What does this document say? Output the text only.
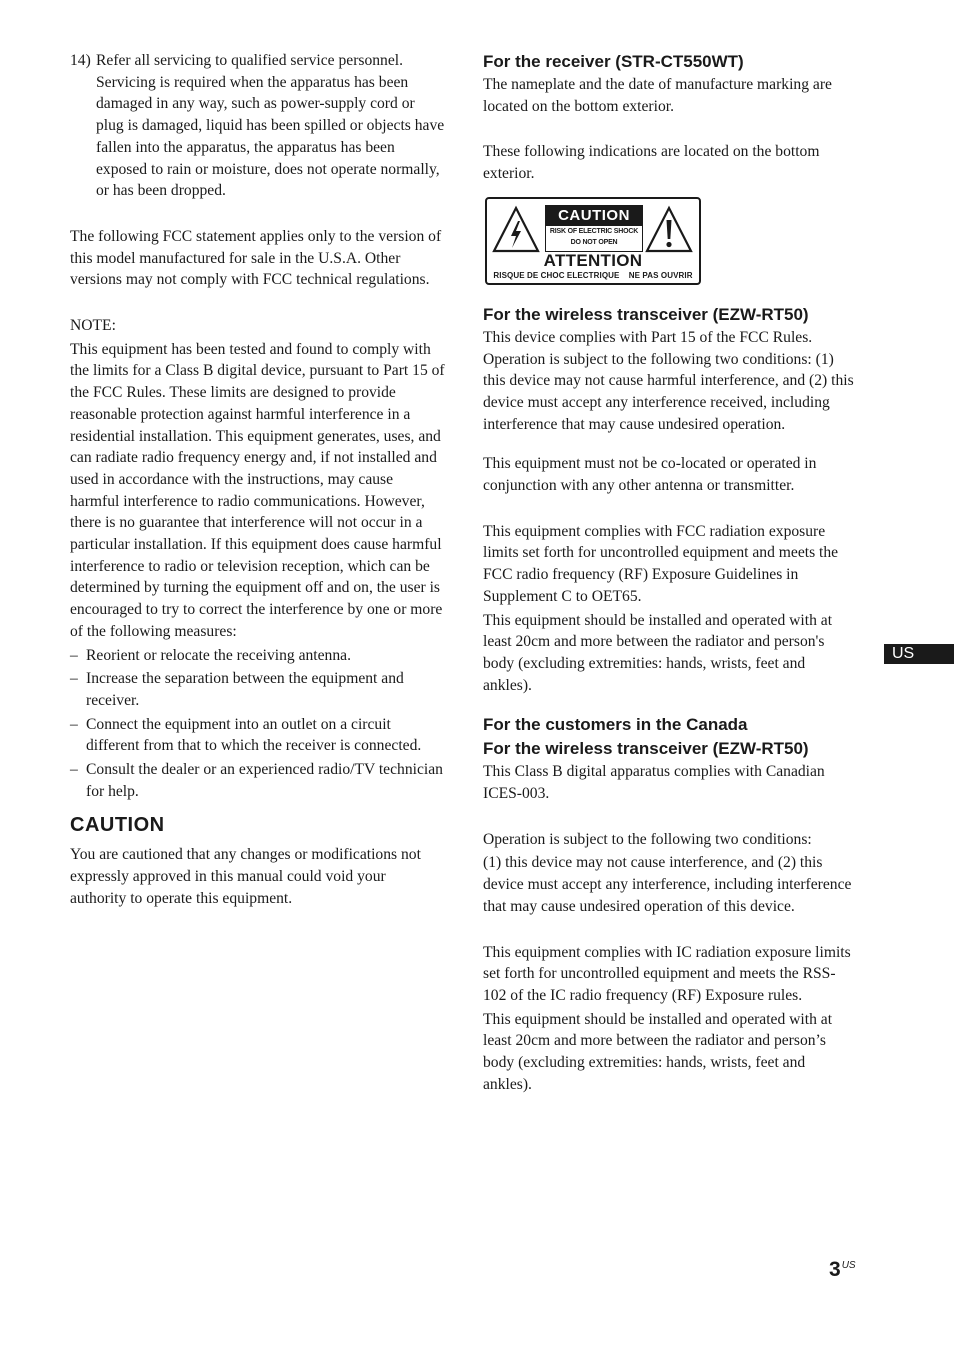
14) Refer all servicing to qualified service personnel. Servicing is required when the apparatus has been damaged in any way, such as power-supply cord or plug is damaged, liquid has been spilled or objects have fallen into the apparatus, the apparatus has been exposed to rain or moisture, does not operate normally, or has been dropped.

The following FCC statement applies only to the version of this model manufactured for sale in the U.S.A. Other versions may not comply with FCC technical regulations.

NOTE:

This equipment has been tested and found to comply with the limits for a Class B digital device, pursuant to Part 15 of the FCC Rules. These limits are designed to provide reasonable protection against harmful interference in a residential installation. This equipment generates, uses, and can radiate radio frequency energy and, if not installed and used in accordance with the instructions, may cause harmful interference to radio communications. However, there is no guarantee that interference will not occur in a particular installation. If this equipment does cause harmful interference to radio or television reception, which can be determined by turning the equipment off and on, the user is encouraged to try to correct the interference by one or more of the following measures:

– Reorient or relocate the receiving antenna.
– Increase the separation between the equipment and receiver.
– Connect the equipment into an outlet on a circuit different from that to which the receiver is connected.
– Consult the dealer or an experienced radio/TV technician for help.
CAUTION

You are cautioned that any changes or modifications not expressly approved in this manual could void your authority to operate this equipment.

For the receiver (STR-CT550WT)

The nameplate and the date of manufacture marking are located on the bottom exterior.

These following indications are located on the bottom exterior.

CAUTION
RISK OF ELECTRIC SHOCK
DO NOT OPEN
ATTENTION
RISQUE DE CHOC ELECTRIQUE NE PAS OUVRIR
For the wireless transceiver (EZW-RT50)

This device complies with Part 15 of the FCC Rules. Operation is subject to the following two conditions: (1) this device may not cause harmful interference, and (2) this device must accept any interference received, including interference that may cause undesired operation.

This equipment must not be co-located or operated in conjunction with any other antenna or transmitter.

This equipment complies with FCC radiation exposure limits set forth for uncontrolled equipment and meets the FCC radio frequency (RF) Exposure Guidelines in Supplement C to OET65.

This equipment should be installed and operated with at least 20cm and more between the radiator and person's body (excluding extremities: hands, wrists, feet and ankles).

For the customers in the Canada
For the wireless transceiver (EZW-RT50)

This Class B digital apparatus complies with Canadian ICES-003.

Operation is subject to the following two conditions:

(1) this device may not cause interference, and (2) this device must accept any interference, including interference that may cause undesired operation of this device.

This equipment complies with IC radiation exposure limits set forth for uncontrolled equipment and meets the RSS-102 of the IC radio frequency (RF) Exposure rules.

This equipment should be installed and operated with at least 20cm and more between the radiator and person’s body (excluding extremities: hands, wrists, feet and ankles).

US
$3^{US}$
